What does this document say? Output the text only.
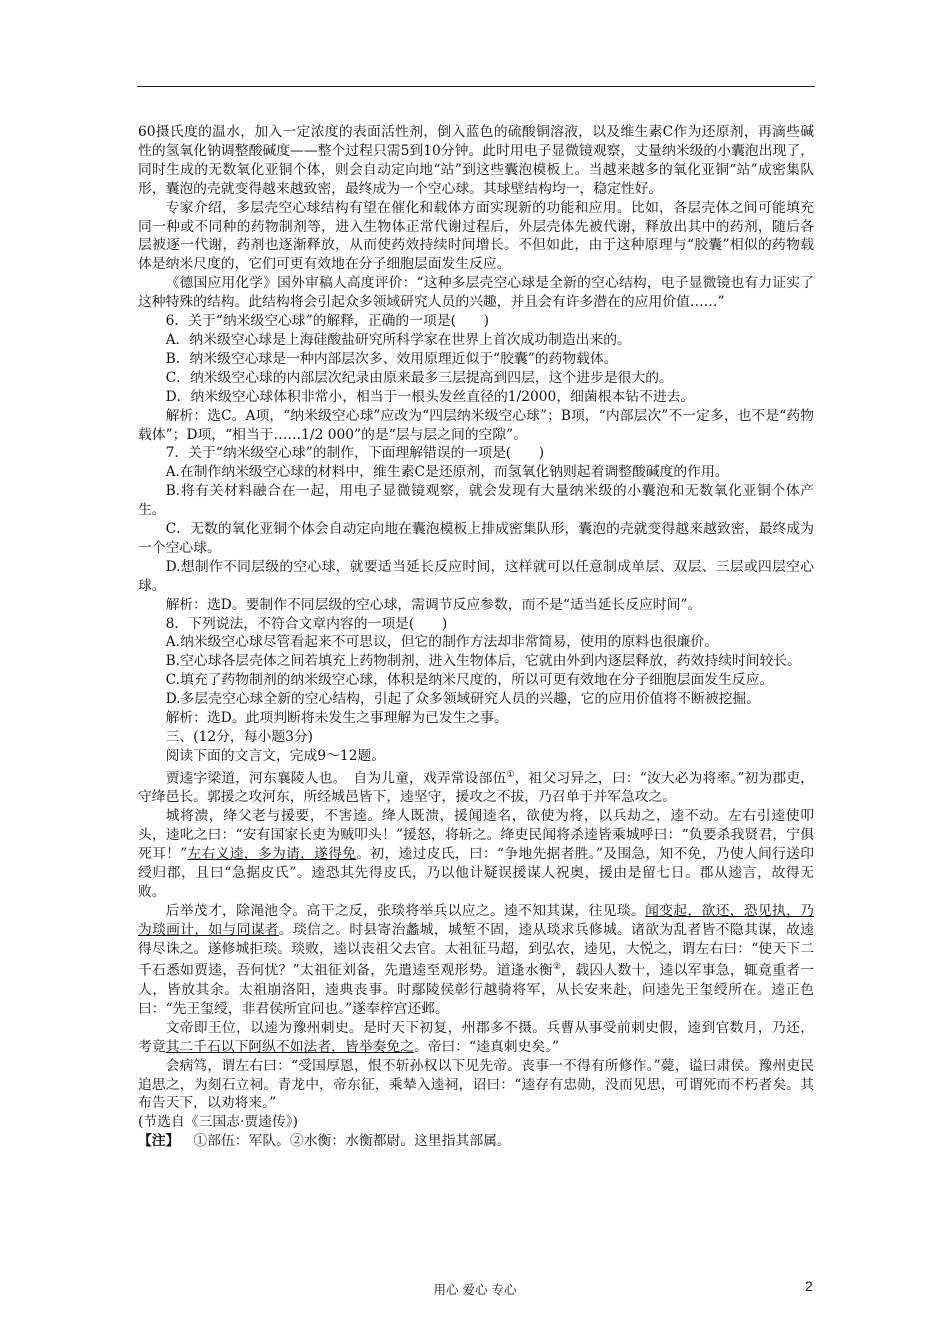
60摄氏度的温水，加入一定浓度的表面活性剂，倒入蓝色的硫酸铜溶液，以及维生素C作为还原剂，再滴些碱性的氢氧化钠调整酸碱度——整个过程只需5到10分钟。此时用电子显微镜观察，丈量纳米级的小囊泡出现了，同时生成的无数氧化亚铜个体，则会自动定向地“站”到这些囊泡模板上。当越来越多的氧化亚铜“站”成密集队形，囊泡的壳就变得越来越致密，最终成为一个空心球。其球壁结构均一，稳定性好。

专家介绍，多层壳空心球结构有望在催化和载体方面实现新的功能和应用。比如，各层壳体之间可能填充同一种或不同种的药物制剂等，进入生物体正常代谢过程后，外层壳体先被代谢，释放出其中的药剂，随后各层被逐一代谢，药剂也逐渐释放，从而使药效持续时间增长。不但如此，由于这种原理与“胶囊”相似的药物载体是纳米尺度的，它们可更有效地在分子细胞层面发生反应。

《德国应用化学》国外审稿人高度评价：“这种多层壳空心球是全新的空心结构，电子显微镜也有力证实了这种特殊的结构。此结构将会引起众多领域研究人员的兴趣，并且会有许多潜在的应用价值……”

6．关于“纳米级空心球”的解释，正确的一项是(　　)

A．纳米级空心球是上海硅酸盐研究所科学家在世界上首次成功制造出来的。

B．纳米级空心球是一种内部层次多、效用原理近似于“胶囊”的药物载体。

C．纳米级空心球的内部层次纪录由原来最多三层提高到四层，这个进步是很大的。

D．纳米级空心球体积非常小，相当于一根头发丝直径的1/2000，细菌根本钻不进去。

解析：选C。A项，“纳米级空心球”应改为“四层纳米级空心球”；B项，“内部层次”不一定多，也不是“药物载体”；D项，“相当于……1/2 000”的是“层与层之间的空隙”。

7．关于“纳米级空心球”的制作，下面理解错误的一项是(　　)

A.在制作纳米级空心球的材料中，维生素C是还原剂，而氢氧化钠则起着调整酸碱度的作用。

B.将有关材料融合在一起，用电子显微镜观察，就会发现有大量纳米级的小囊泡和无数氧化亚铜个体产生。

C．无数的氧化亚铜个体会自动定向地在囊泡模板上排成密集队形，囊泡的壳就变得越来越致密，最终成为一个空心球。

D.想制作不同层级的空心球，就要适当延长反应时间，这样就可以任意制成单层、双层、三层或四层空心球。

解析：选D。要制作不同层级的空心球，需调节反应参数，而不是“适当延长反应时间”。

8．下列说法，不符合文章内容的一项是(　　)

A.纳米级空心球尽管看起来不可思议，但它的制作方法却非常简易，使用的原料也很廉价。

B.空心球各层壳体之间若填充上药物制剂，进入生物体后，它就由外到内逐层释放，药效持续时间较长。

C.填充了药物制剂的纳米级空心球，体积是纳米尺度的，所以可更有效地在分子细胞层面发生反应。

D.多层壳空心球全新的空心结构，引起了众多领域研究人员的兴趣，它的应用价值将不断被挖掘。

解析：选D。此项判断将未发生之事理解为已发生之事。

三、(12分，每小题3分)

阅读下面的文言文，完成9～12题。

贾逵字梁道，河东襄陵人也。　自为儿童，戏弄常设部伍①，祖父习异之，曰：“汝大必为将率。”初为郡吏，守绛邑长。郭援之攻河东，所经城邑皆下，逵坚守，援攻之不拔，乃召单于并军急攻之。

城将溃，绛父老与援要，不害逵。绛人既溃，援闻逵名，欲使为将，以兵劫之，逵不动。左右引逵使叩头，逵叱之曰：“安有国家长吏为贼叩头！”援怒，将斩之。绛吏民闻将杀逵皆乘城呼曰：“负要杀我贤君，宁俱死耳！”左右义逵，多为请，遂得免。初，逵过皮氏，曰：“争地先据者胜。”及围急，知不免，乃使人间行送印绶归郡，且曰“急据皮氏”。逵恐其先得皮氏，乃以他计疑误援谋人祝奥，援由是留七日。郡从逵言，故得无败。

后举茂才，除渑池令。高干之反，张琰将举兵以应之。逵不知其谋，往见琰。闻变起，欲还，恐见执，乃为琰画计，如与同谋者。琰信之。时县寄治蠡城，城堑不固，逵从琰求兵修城。诸欲为乱者皆不隐其谋，故逵得尽诛之。遂修城拒琰。琰败，逵以丧祖父去官。太祖征马超，到弘农，逵见，大悦之，谓左右曰：“使天下二千石悉如贾逵，吾何忧？”太祖征刘备，先遣逵至观形势。道逢水衡②，载囚人数十，逵以军事急，辄竟重者一人，皆放其余。太祖崩洛阳，逵典丧事。时鄢陵侯彰行越骑将军，从长安来赴，问逵先王玺绶所在。逵正色曰：“先王玺绶，非君侯所宜问也。”遂奉梓宫还邺。

文帝即王位，以逵为豫州刺史。是时天下初复，州郡多不摄。兵曹从事受前刺史假，逵到官数月，乃还，考竟其二千石以下阿纵不如法者，皆举奏免之。帝曰：“逵真刺史矣。”

会病笃，谓左右曰：“受国厚恩，恨不斩孙权以下见先帝。丧事一不得有所修作。”薨，谥曰肃侯。豫州吏民追思之，为刻石立祠。青龙中，帝东征，乘辇入逵祠，诏曰：“逵存有忠勋，没而见思，可谓死而不朽者矣。其布告天下，以劝将来。”

(节选自《三国志·贾逵传》)

【注】 ①部伍：军队。②水衡：水衡都尉。这里指其部属。

用心 爱心 专心	2
